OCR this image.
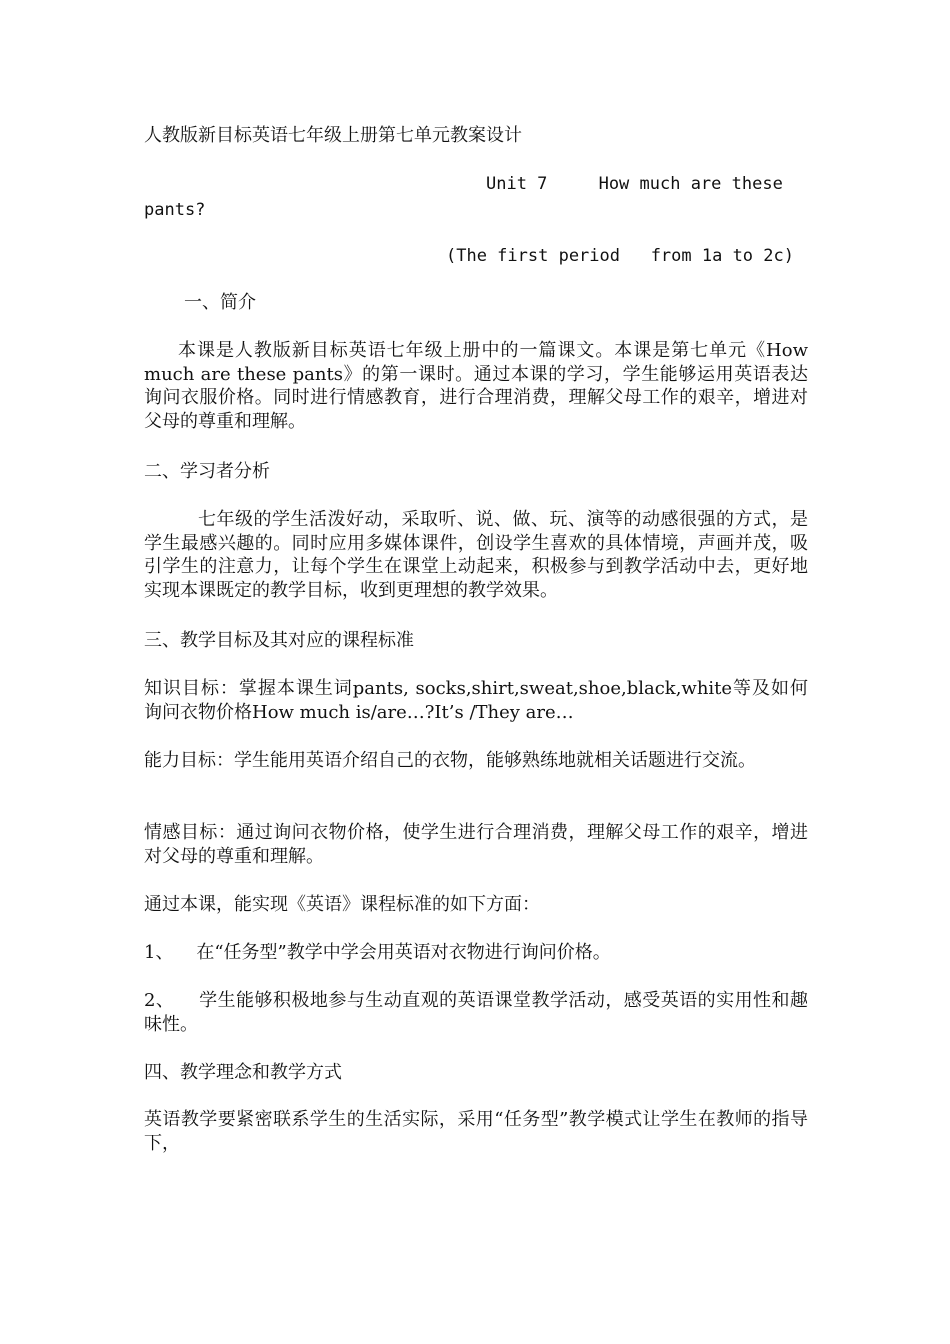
人教版新目标英语七年级上册第七单元教案设计
Unit 7     How much are these
pants?
(The first period   from 1a to 2c)
一、简介
本课是人教版新目标英语七年级上册中的一篇课文。本课是第七单元《How much are these pants》的第一课时。通过本课的学习，学生能够运用英语表达询问衣服价格。同时进行情感教育，进行合理消费，理解父母工作的艰辛，增进对父母的尊重和理解。
二、学习者分析
七年级的学生活泼好动，采取听、说、做、玩、演等的动感很强的方式，是学生最感兴趣的。同时应用多媒体课件，创设学生喜欢的具体情境，声画并茂，吸引学生的注意力，让每个学生在课堂上动起来，积极参与到教学活动中去，更好地实现本课既定的教学目标，收到更理想的教学效果。
三、教学目标及其对应的课程标准
知识目标：掌握本课生词pants, socks,shirt,sweat,shoe,black,white等及如何询问衣物价格How much is/are…?It’s /They are…
能力目标：学生能用英语介绍自己的衣物，能够熟练地就相关话题进行交流。
情感目标：通过询问衣物价格，使学生进行合理消费，理解父母工作的艰辛，增进对父母的尊重和理解。
通过本课，能实现《英语》课程标准的如下方面：
1、    在“任务型”教学中学会用英语对衣物进行询问价格。
2、    学生能够积极地参与生动直观的英语课堂教学活动，感受英语的实用性和趣味性。
四、教学理念和教学方式
英语教学要紧密联系学生的生活实际，采用“任务型”教学模式让学生在教师的指导下，
